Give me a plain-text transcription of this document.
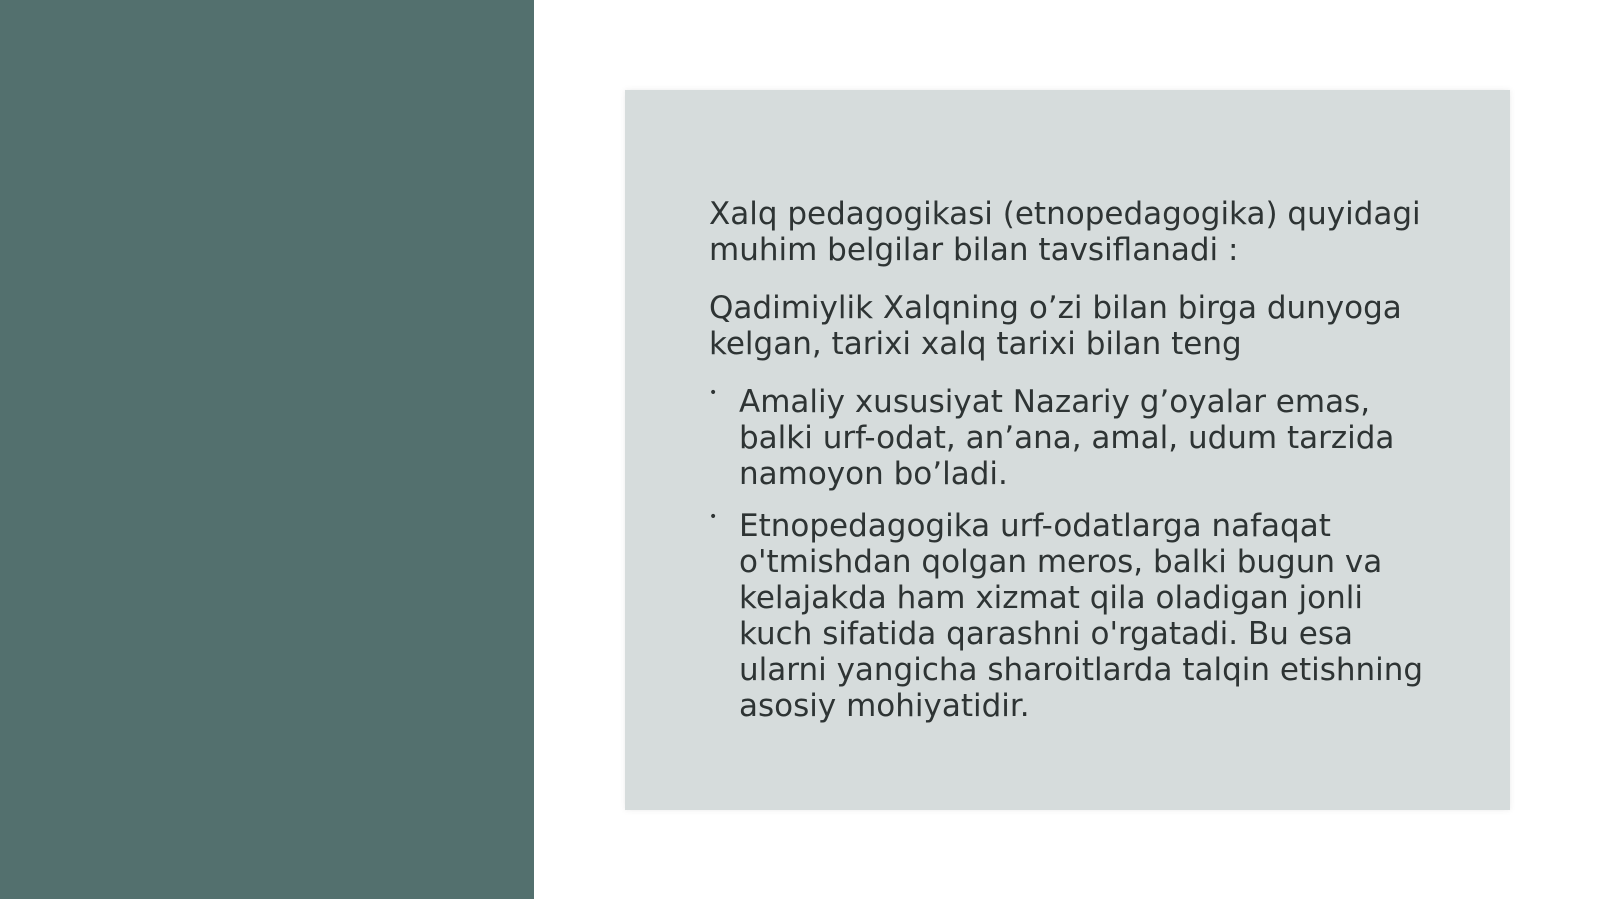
Xalq pedagogikasi (etnopedagogika) quyidagi muhim belgilar bilan tavsiflanadi :

Qadimiylik Xalqning o’zi bilan birga dunyoga kelgan, tarixi xalq tarixi bilan teng

• Amaliy xususiyat Nazariy g’oyalar emas, balki urf-odat, an’ana, amal, udum tarzida namoyon bo’ladi.
• Etnopedagogika urf-odatlarga nafaqat o'tmishdan qolgan meros, balki bugun va kelajakda ham xizmat qila oladigan jonli kuch sifatida qarashni o'rgatadi. Bu esa ularni yangicha sharoitlarda talqin etishning asosiy mohiyatidir.
